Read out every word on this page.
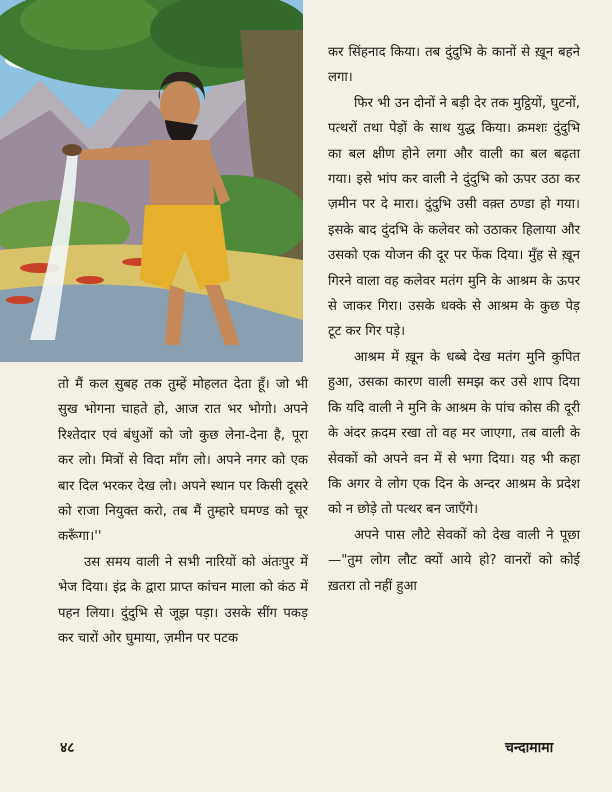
तो मैं कल सुबह तक तुम्हें मोहलत देता हूँ। जो भी सुख भोगना चाहते हो, आज रात भर भोगो। अपने रिश्तेदार एवं बंधुओं को जो कुछ लेना-देना है, पूरा कर लो। मित्रों से विदा माँग लो। अपने नगर को एक बार दिल भरकर देख लो। अपने स्थान पर किसी दूसरे को राजा नियुक्त करो, तब मैं तुम्हारे घमण्ड को चूर करूँगा।''

उस समय वाली ने सभी नारियों को अंतःपुर में भेज दिया। इंद्र के द्वारा प्राप्त कांचन माला को कंठ में पहन लिया। दुंदुभि से जूझ पड़ा। उसके सींग पकड़ कर चारों ओर घुमाया, ज़मीन पर पटक

कर सिंहनाद किया। तब दुंदुभि के कानों से ख़ून बहने लगा।

फिर भी उन दोनों ने बड़ी देर तक मुट्ठियों, घुटनों, पत्थरों तथा पेड़ों के साथ युद्ध किया। क्रमशः दुंदुभि का बल क्षीण होने लगा और वाली का बल बढ़ता गया। इसे भांप कर वाली ने दुंदुभि को ऊपर उठा कर ज़मीन पर दे मारा। दुंदुभि उसी वक़्त ठण्डा हो गया। इसके बाद दुंदभि के कलेवर को उठाकर हिलाया और उसको एक योजन की दूर पर फेंक दिया। मुँह से ख़ून गिरने वाला वह कलेवर मतंग मुनि के आश्रम के ऊपर से जाकर गिरा। उसके धक्के से आश्रम के कुछ पेड़ टूट कर गिर पड़े।

आश्रम में ख़ून के धब्बे देख मतंग मुनि कुपित हुआ, उसका कारण वाली समझ कर उसे शाप दिया कि यदि वाली ने मुनि के आश्रम के पांच कोस की दूरी के अंदर क़दम रखा तो वह मर जाएगा, तब वाली के सेवकों को अपने वन में से भगा दिया। यह भी कहा कि अगर वे लोग एक दिन के अन्दर आश्रम के प्रदेश को न छोड़े तो पत्थर बन जाएँगे।

अपने पास लौटे सेवकों को देख वाली ने पूछा—"तुम लोग लौट क्यों आये हो? वानरों को कोई ख़तरा तो नहीं हुआ

४८	चन्दामामा
